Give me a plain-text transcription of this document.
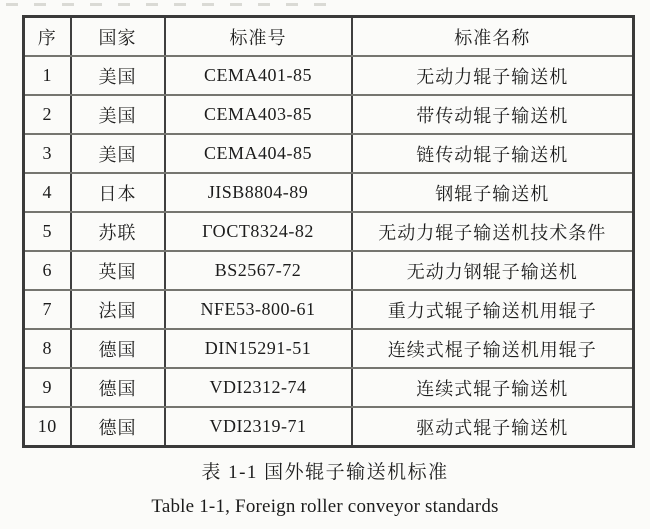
序	国家	标准号	标准名称
1	美国	CEMA401-85	无动力辊子输送机
2	美国	CEMA403-85	带传动辊子输送机
3	美国	CEMA404-85	链传动辊子输送机
4	日本	JISB8804-89	钢辊子输送机
5	苏联	ГОСТ8324-82	无动力辊子输送机技术条件
6	英国	BS2567-72	无动力钢辊子输送机
7	法国	NFE53-800-61	重力式辊子输送机用辊子
8	德国	DIN15291-51	连续式棍子输送机用辊子
9	德国	VDI2312-74	连续式辊子输送机
10	德国	VDI2319-71	驱动式辊子输送机
表 1-1 国外辊子输送机标准
Table 1-1, Foreign roller conveyor standards
